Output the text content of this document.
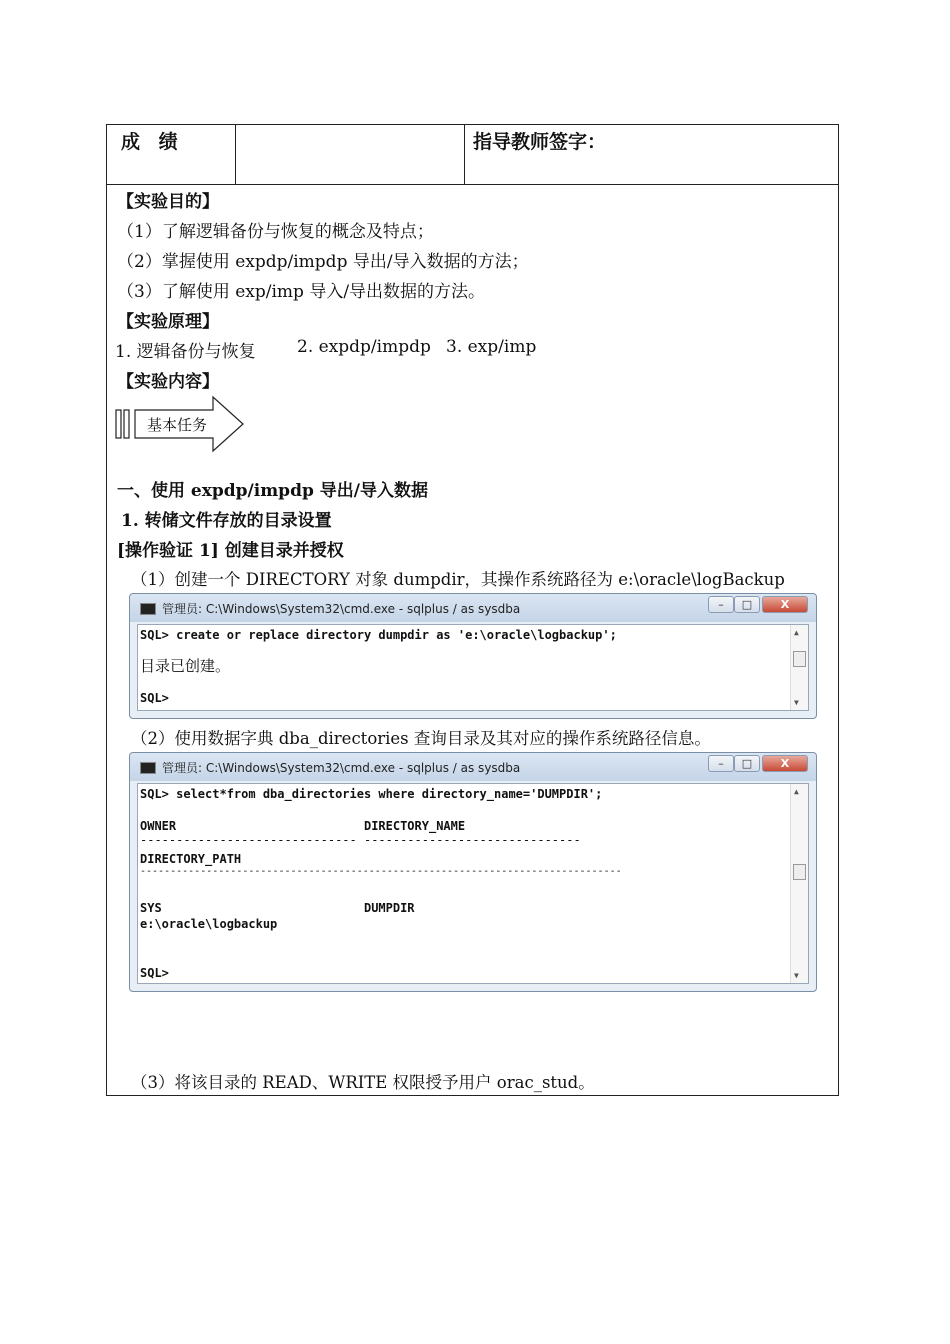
成 绩	指导教师签字：
【实验目的】
（1）了解逻辑备份与恢复的概念及特点；
（2）掌握使用 expdp/impdp 导出/导入数据的方法；
（3）了解使用 exp/imp 导入/导出数据的方法。
【实验原理】
1. 逻辑备份与恢复 2. expdp/impdp 3. exp/imp
【实验内容】
基本任务
一、使用 expdp/impdp 导出/导入数据
1. 转储文件存放的目录设置
[操作验证 1] 创建目录并授权
（1）创建一个 DIRECTORY 对象 dumpdir，其操作系统路径为 e:\oracle\logBackup
管理员: C:\Windows\System32\cmd.exe - sqlplus / as sysdba	–	□	X
SQL> create or replace directory dumpdir as 'e:\oracle\logbackup';
目录已创建。
SQL>
▲
▼
（2）使用数据字典 dba_directories 查询目录及其对应的操作系统路径信息。
管理员: C:\Windows\System32\cmd.exe - sqlplus / as sysdba	–	□	X
SQL> select*from dba_directories where directory_name='DUMPDIR';
OWNER                          DIRECTORY_NAME
------------------------------ ------------------------------
DIRECTORY_PATH
--------------------------------------------------------------------------------
SYS                            DUMPDIR
e:\oracle\logbackup
SQL>
▲
▼
（3）将该目录的 READ、WRITE 权限授予用户 orac_stud。
